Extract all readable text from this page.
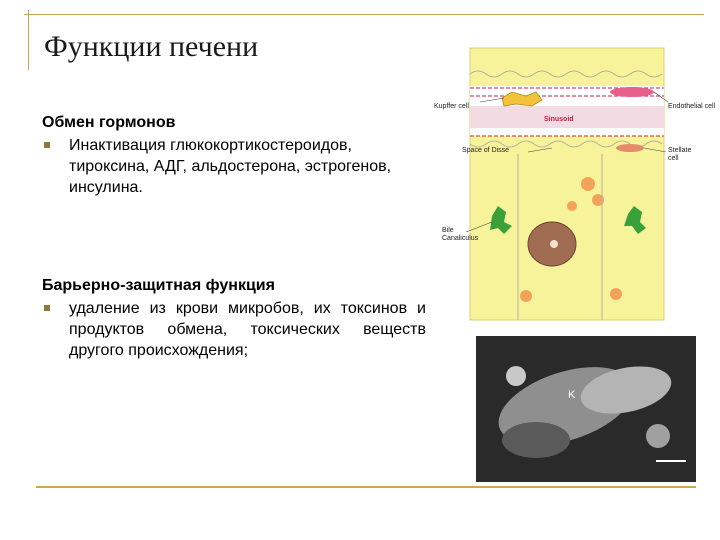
Функции печени
Обмен гормонов
Инактивация глюкокортикостероидов, тироксина, АДГ, альдостерона, эстрогенов, инсулина.
Барьерно-защитная функция
удаление из крови микробов, их токсинов и продуктов обмена, токсических веществ другого происхождения;
Sinusoid
Kupffer cell	Endothelial cell
Space of Disse	Stellate
cell
Bile
Canaliculus
K
